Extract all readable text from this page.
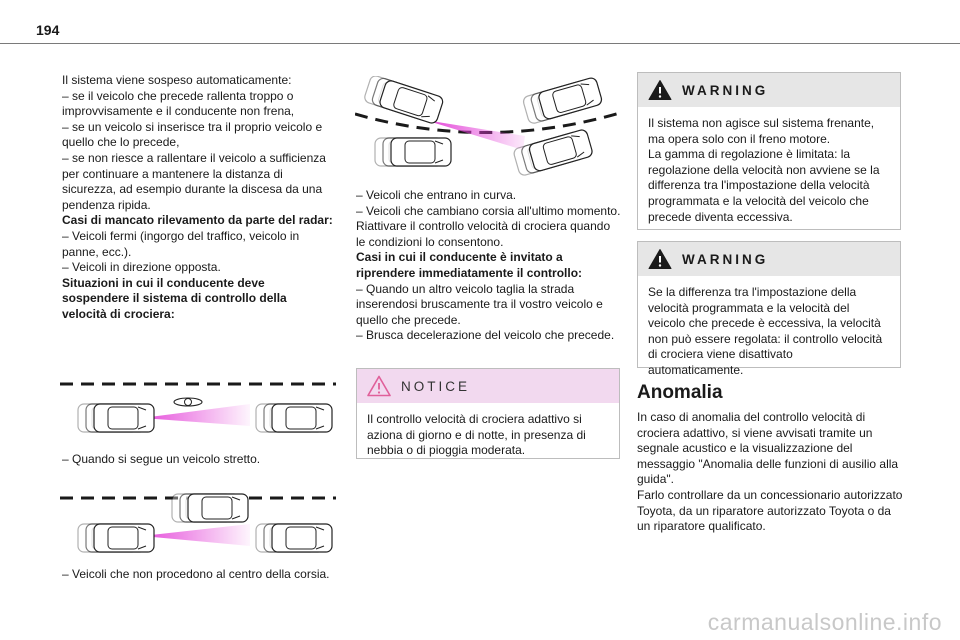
194

Il sistema viene sospeso automaticamente:
– se il veicolo che precede rallenta troppo o improvvisamente e il conducente non frena,
– se un veicolo si inserisce tra il proprio veicolo e quello che lo precede,
– se non riesce a rallentare il veicolo a sufficienza per continuare a mantenere la distanza di sicurezza, ad esempio durante la discesa da una pendenza ripida.

Casi di mancato rilevamento da parte del radar:

– Veicoli fermi (ingorgo del traffico, veicolo in panne, ecc.).
– Veicoli in direzione opposta.

Situazioni in cui il conducente deve sospendere il sistema di controllo della velocità di crociera:

– Quando si segue un veicolo stretto.
– Veicoli che non procedono al centro della corsia.

– Veicoli che entrano in curva.
– Veicoli che cambiano corsia all'ultimo momento.
Riattivare il controllo velocità di crociera quando le condizioni lo consentono.

Casi in cui il conducente è invitato a riprendere immediatamente il controllo:

– Quando un altro veicolo taglia la strada inserendosi bruscamente tra il vostro veicolo e quello che precede.
– Brusca decelerazione del veicolo che precede.

NOTICE
Il controllo velocità di crociera adattivo si aziona di giorno e di notte, in presenza di nebbia o di pioggia moderata.
WARNING
Il sistema non agisce sul sistema frenante, ma opera solo con il freno motore.
La gamma di regolazione è limitata: la regolazione della velocità non avviene se la differenza tra l'impostazione della velocità programmata e la velocità del veicolo che precede diventa eccessiva.
WARNING
Se la differenza tra l'impostazione della velocità programmata e la velocità del veicolo che precede è eccessiva, la velocità non può essere regolata: il controllo velocità di crociera viene disattivato automaticamente.
Anomalia
In caso di anomalia del controllo velocità di crociera adattivo, si viene avvisati tramite un segnale acustico e la visualizzazione del messaggio "Anomalia delle funzioni di ausilio alla guida".
Farlo controllare da un concessionario autorizzato Toyota, da un riparatore autorizzato Toyota o da un riparatore qualificato.
carmanualsonline.info
